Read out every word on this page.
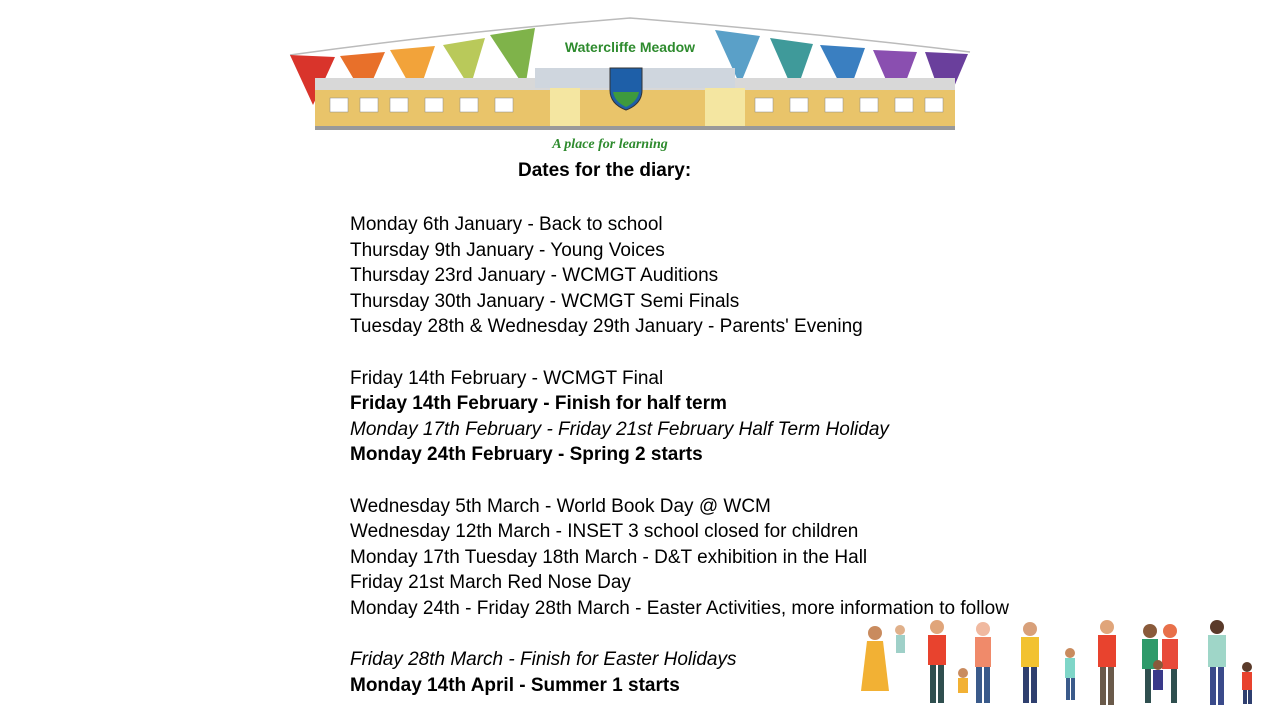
Watercliffe Meadow
A place for learning
Dates for the diary:
Monday 6th January - Back to school
Thursday 9th January - Young Voices
Thursday 23rd January - WCMGT Auditions
Thursday 30th January - WCMGT Semi Finals
Tuesday 28th & Wednesday 29th January - Parents' Evening
Friday 14th February - WCMGT Final
Friday 14th February - Finish for half term
Monday 17th February - Friday 21st February Half Term Holiday
Monday 24th February - Spring 2 starts
Wednesday 5th March - World Book Day @ WCM
Wednesday 12th March - INSET 3 school closed for children
Monday 17th Tuesday 18th March - D&T exhibition in the Hall
Friday 21st March Red Nose Day
Monday 24th - Friday 28th March - Easter Activities, more information to follow
Friday 28th March - Finish for Easter Holidays
Monday 14th April - Summer 1 starts
